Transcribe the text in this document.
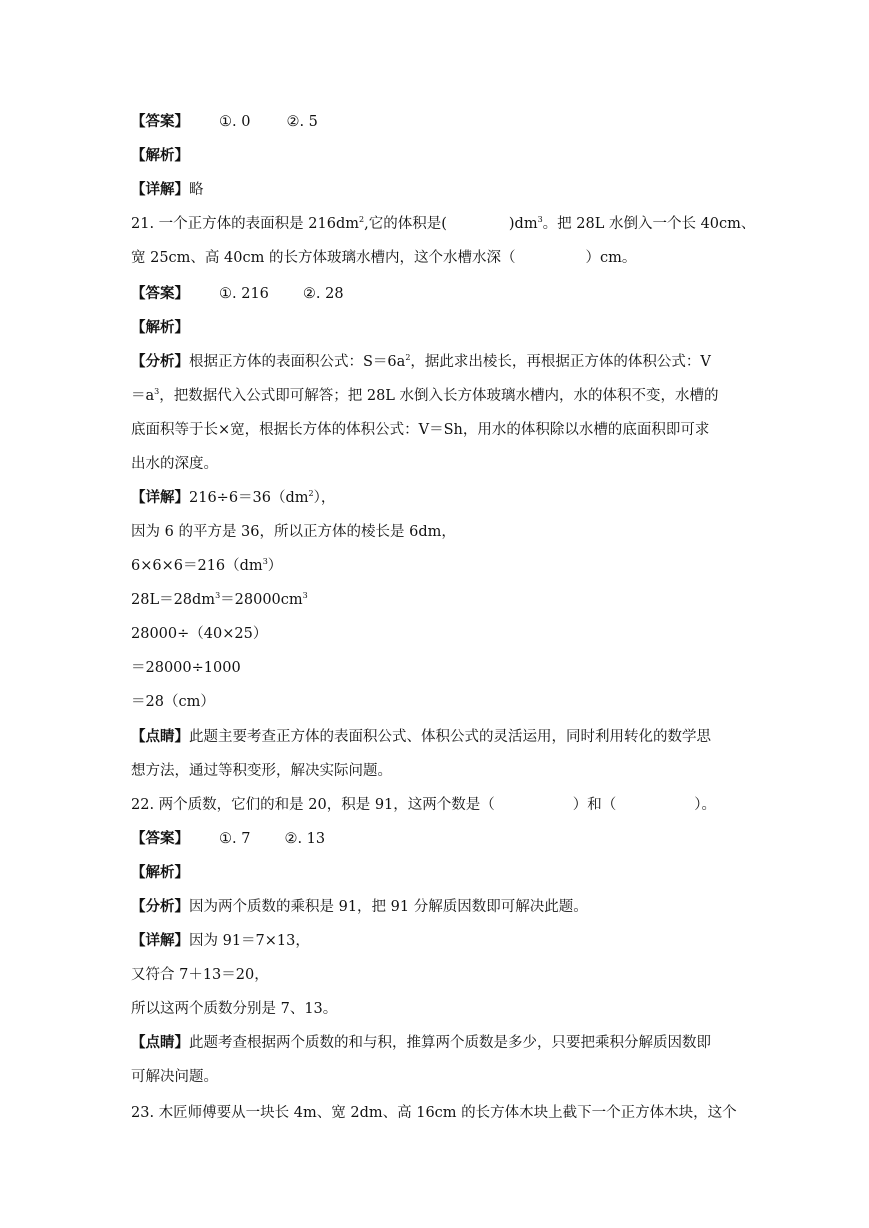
【答案】 ①. 0 ②. 5
【解析】
【详解】略
21. 一个正方体的表面积是 $216dm^2$,它的体积是(	)$dm^3$。把 28L 水倒入一个长 40cm、
宽 25cm、高 40cm 的长方体玻璃水槽内，这个水槽水深（	）cm。
【答案】 ①. 216 ②. 28
【解析】
【分析】根据正方体的表面积公式：$S=6a^2$，据此求出棱长，再根据正方体的体积公式：V
$=a^3$，把数据代入公式即可解答；把 28L 水倒入长方体玻璃水槽内，水的体积不变，水槽的
底面积等于长×宽，根据长方体的体积公式：V＝Sh，用水的体积除以水槽的底面积即可求
出水的深度。
【详解】$216\div 6=36(dm^2)$，
因为 6 的平方是 36，所以正方体的棱长是 6dm，
$6\times 6\times 6=216(dm^3)$
$28L=28dm^3=28000cm^3$
28000÷（40×25）
＝28000÷1000
＝28（cm）
【点睛】此题主要考查正方体的表面积公式、体积公式的灵活运用，同时利用转化的数学思
想方法，通过等积变形，解决实际问题。
22. 两个质数，它们的和是 20，积是 91，这两个数是（	）和（	）。
【答案】 ①. 7 ②. 13
【解析】
【分析】因为两个质数的乘积是 91，把 91 分解质因数即可解决此题。
【详解】因为 91＝7×13，
又符合 7＋13＝20，
所以这两个质数分别是 7、13。
【点睛】此题考查根据两个质数的和与积，推算两个质数是多少，只要把乘积分解质因数即
可解决问题。
23. 木匠师傅要从一块长 4m、宽 2dm、高 16cm 的长方体木块上截下一个正方体木块，这个
